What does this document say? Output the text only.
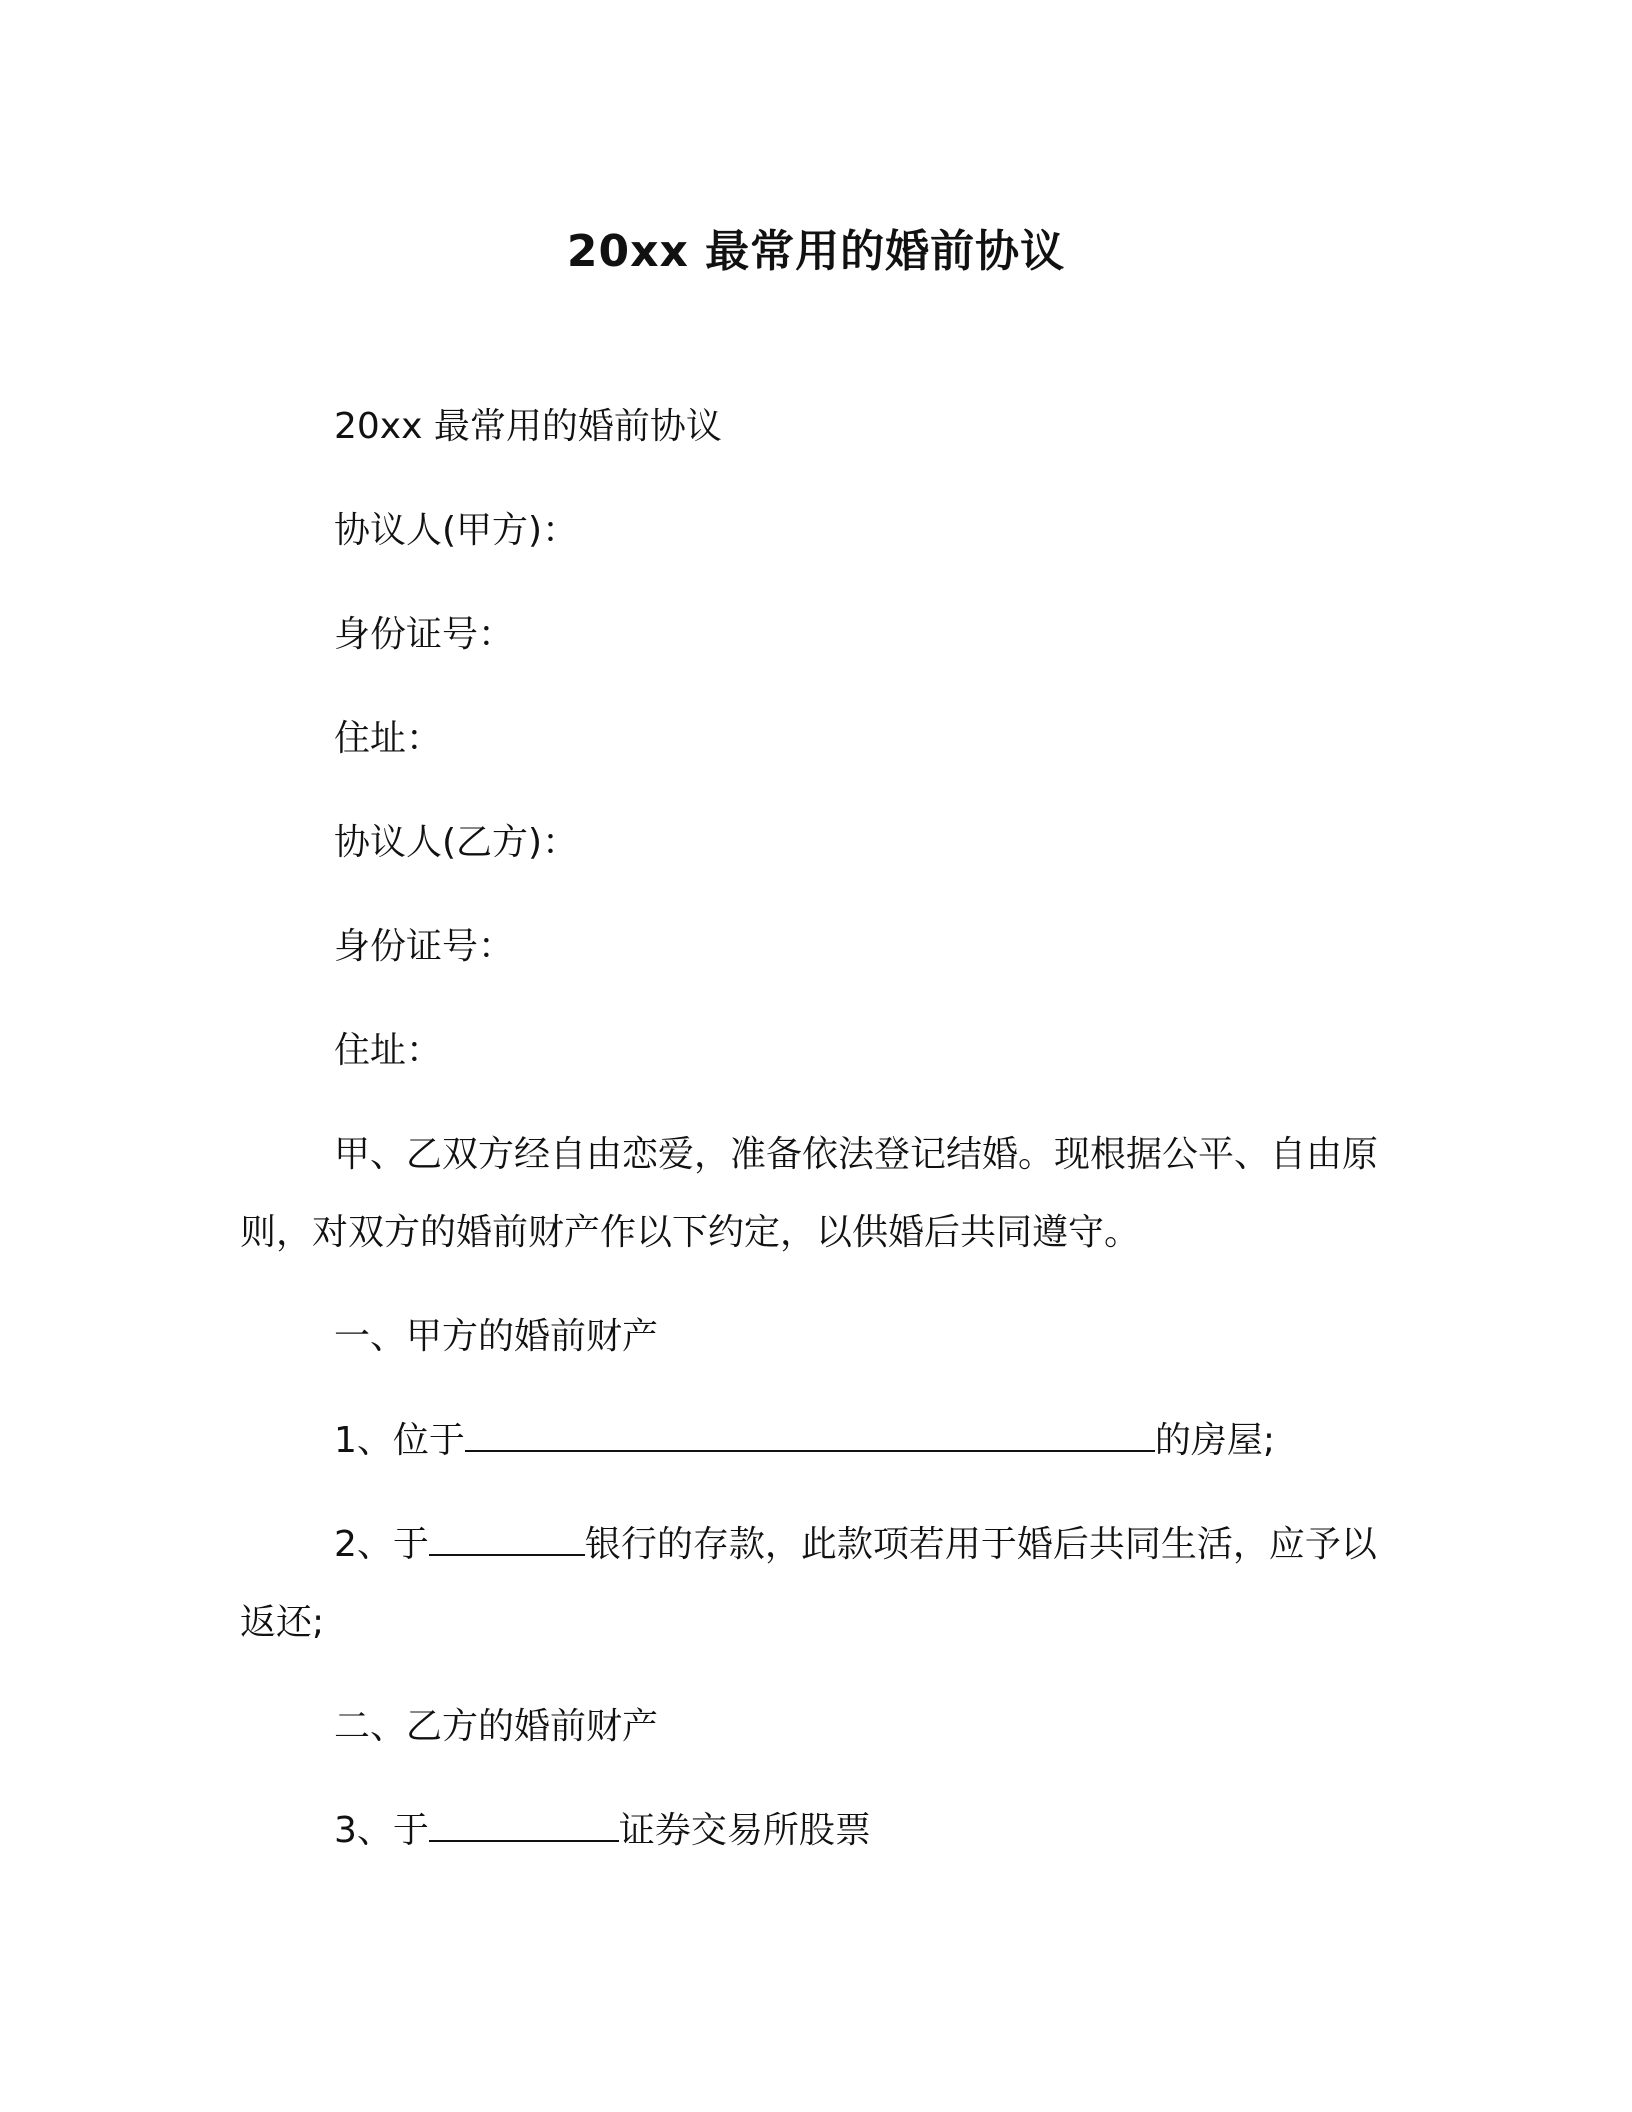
20xx 最常用的婚前协议
20xx 最常用的婚前协议
协议人(甲方)：
身份证号：
住址：
协议人(乙方)：
身份证号：
住址：
甲、乙双方经自由恋爱，准备依法登记结婚。现根据公平、自由原则，对双方的婚前财产作以下约定，以供婚后共同遵守。
一、甲方的婚前财产
1、位于	的房屋;
2、于	银行的存款，此款项若用于婚后共同生活，应予以返还;
二、乙方的婚前财产
3、于	证券交易所股票
